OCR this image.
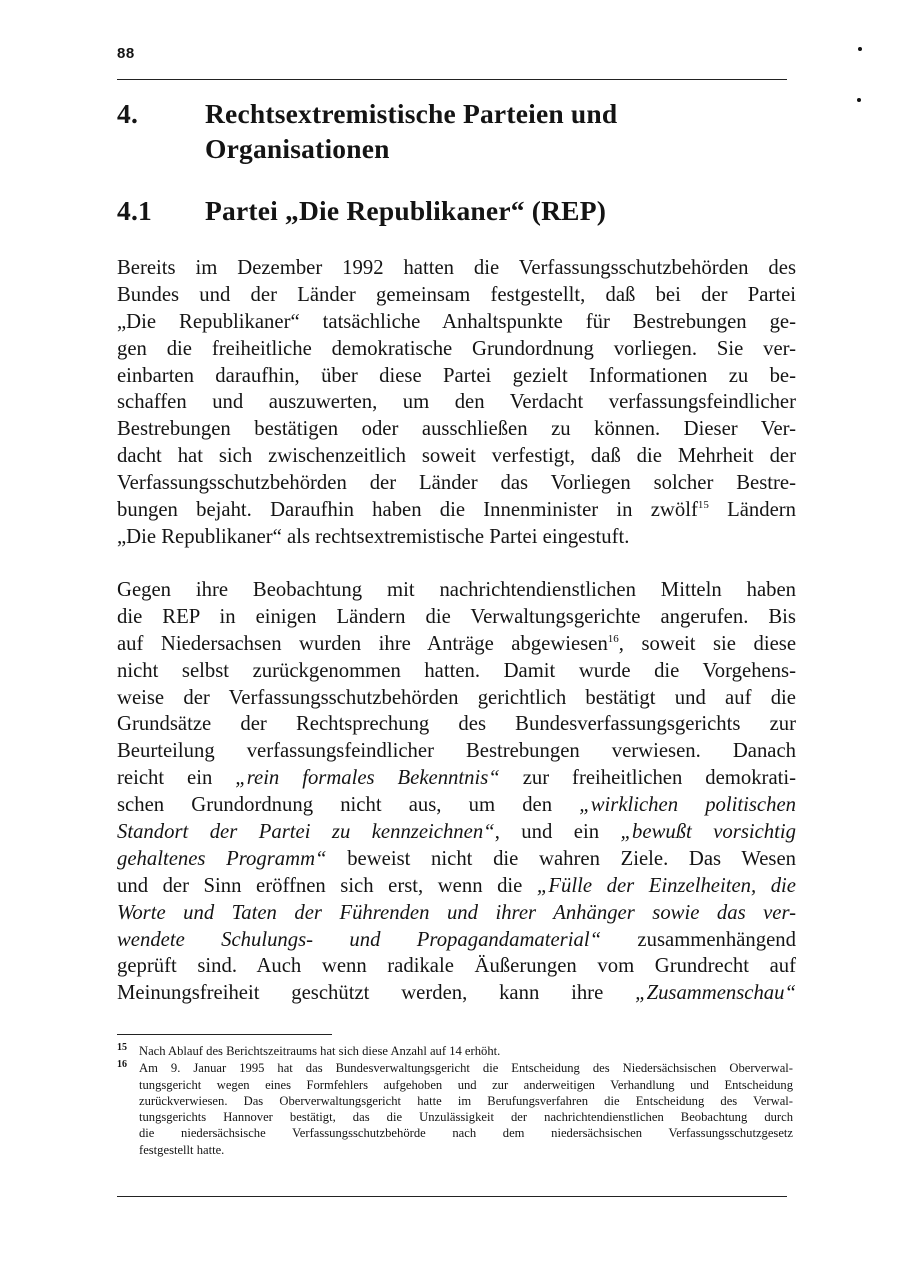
88
4. Rechtsextremistische Parteien und
Organisationen
4.1 Partei „Die Republikaner“ (REP)
Bereits im Dezember 1992 hatten die Verfassungsschutzbehörden des
Bundes und der Länder gemeinsam festgestellt, daß bei der Partei
„Die Republikaner“ tatsächliche Anhaltspunkte für Bestrebungen ge-
gen die freiheitliche demokratische Grundordnung vorliegen. Sie ver-
einbarten daraufhin, über diese Partei gezielt Informationen zu be-
schaffen und auszuwerten, um den Verdacht verfassungsfeindlicher
Bestrebungen bestätigen oder ausschließen zu können. Dieser Ver-
dacht hat sich zwischenzeitlich soweit verfestigt, daß die Mehrheit der
Verfassungsschutzbehörden der Länder das Vorliegen solcher Bestre-
bungen bejaht. Daraufhin haben die Innenminister in zwölf$^{15}$ Ländern
„Die Republikaner“ als rechtsextremistische Partei eingestuft.
Gegen ihre Beobachtung mit nachrichtendienstlichen Mitteln haben
die REP in einigen Ländern die Verwaltungsgerichte angerufen. Bis
auf Niedersachsen wurden ihre Anträge abgewiesen$^{16}$, soweit sie diese
nicht selbst zurückgenommen hatten. Damit wurde die Vorgehens-
weise der Verfassungsschutzbehörden gerichtlich bestätigt und auf die
Grundsätze der Rechtsprechung des Bundesverfassungsgerichts zur
Beurteilung verfassungsfeindlicher Bestrebungen verwiesen. Danach
reicht ein „rein formales Bekenntnis“ zur freiheitlichen demokrati-
schen Grundordnung nicht aus, um den „wirklichen politischen
Standort der Partei zu kennzeichnen“, und ein „bewußt vorsichtig
gehaltenes Programm“ beweist nicht die wahren Ziele. Das Wesen
und der Sinn eröffnen sich erst, wenn die „Fülle der Einzelheiten, die
Worte und Taten der Führenden und ihrer Anhänger sowie das ver-
wendete Schulungs- und Propagandamaterial“ zusammenhängend
geprüft sind. Auch wenn radikale Äußerungen vom Grundrecht auf
Meinungsfreiheit geschützt werden, kann ihre „Zusammenschau“
15 Nach Ablauf des Berichtszeitraums hat sich diese Anzahl auf 14 erhöht.
16 Am 9. Januar 1995 hat das Bundesverwaltungsgericht die Entscheidung des Niedersächsischen Oberverwal-
tungsgericht wegen eines Formfehlers aufgehoben und zur anderweitigen Verhandlung und Entscheidung
zurückverwiesen. Das Oberverwaltungsgericht hatte im Berufungsverfahren die Entscheidung des Verwal-
tungsgerichts Hannover bestätigt, das die Unzulässigkeit der nachrichtendienstlichen Beobachtung durch
die niedersächsische Verfassungsschutzbehörde nach dem niedersächsischen Verfassungsschutzgesetz
festgestellt hatte.
